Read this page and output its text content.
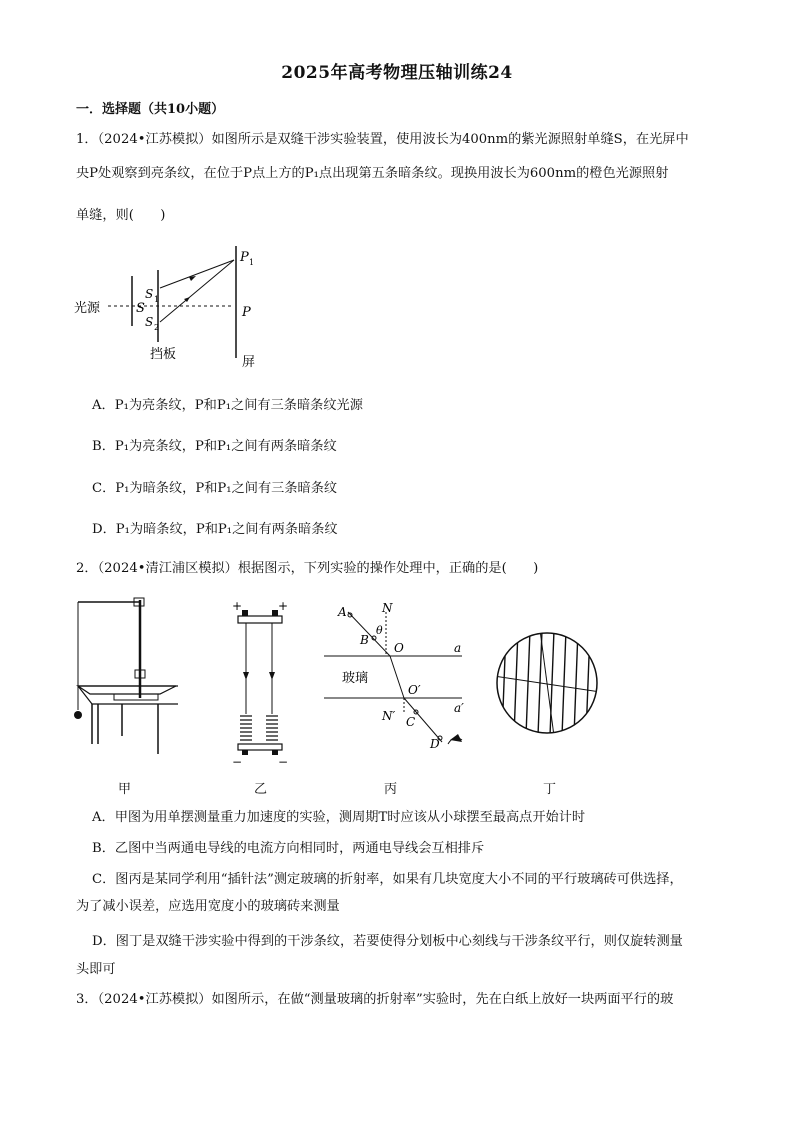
2025年高考物理压轴训练24
一．选择题（共10小题）
1．（2024•江苏模拟）如图所示是双缝干涉实验装置，使用波长为400nm的紫光源照射单缝S，在光屏中
央P处观察到亮条纹，在位于P点上方的P₁点出现第五条暗条纹。现换用波长为600nm的橙色光源照射
单缝，则(　　)
光源	S
S 1
S 2
P 1
P
挡板
屏
A．P₁为亮条纹，P和P₁之间有三条暗条纹光源
B．P₁为亮条纹，P和P₁之间有两条暗条纹
C．P₁为暗条纹，P和P₁之间有三条暗条纹
D．P₁为暗条纹，P和P₁之间有两条暗条纹
2．（2024•清江浦区模拟）根据图示，下列实验的操作处理中，正确的是(　　)
+	+
−	−
A	N
θ
B
O	a
玻璃
O′
a′
N′ C
D
甲	乙	丙	丁
A．甲图为用单摆测量重力加速度的实验，测周期T时应该从小球摆至最高点开始计时
B．乙图中当两通电导线的电流方向相同时，两通电导线会互相排斥
C．图丙是某同学利用“插针法”测定玻璃的折射率，如果有几块宽度大小不同的平行玻璃砖可供选择，
为了减小误差，应选用宽度小的玻璃砖来测量
D．图丁是双缝干涉实验中得到的干涉条纹，若要使得分划板中心刻线与干涉条纹平行，则仅旋转测量
头即可
3．（2024•江苏模拟）如图所示，在做“测量玻璃的折射率”实验时，先在白纸上放好一块两面平行的玻
